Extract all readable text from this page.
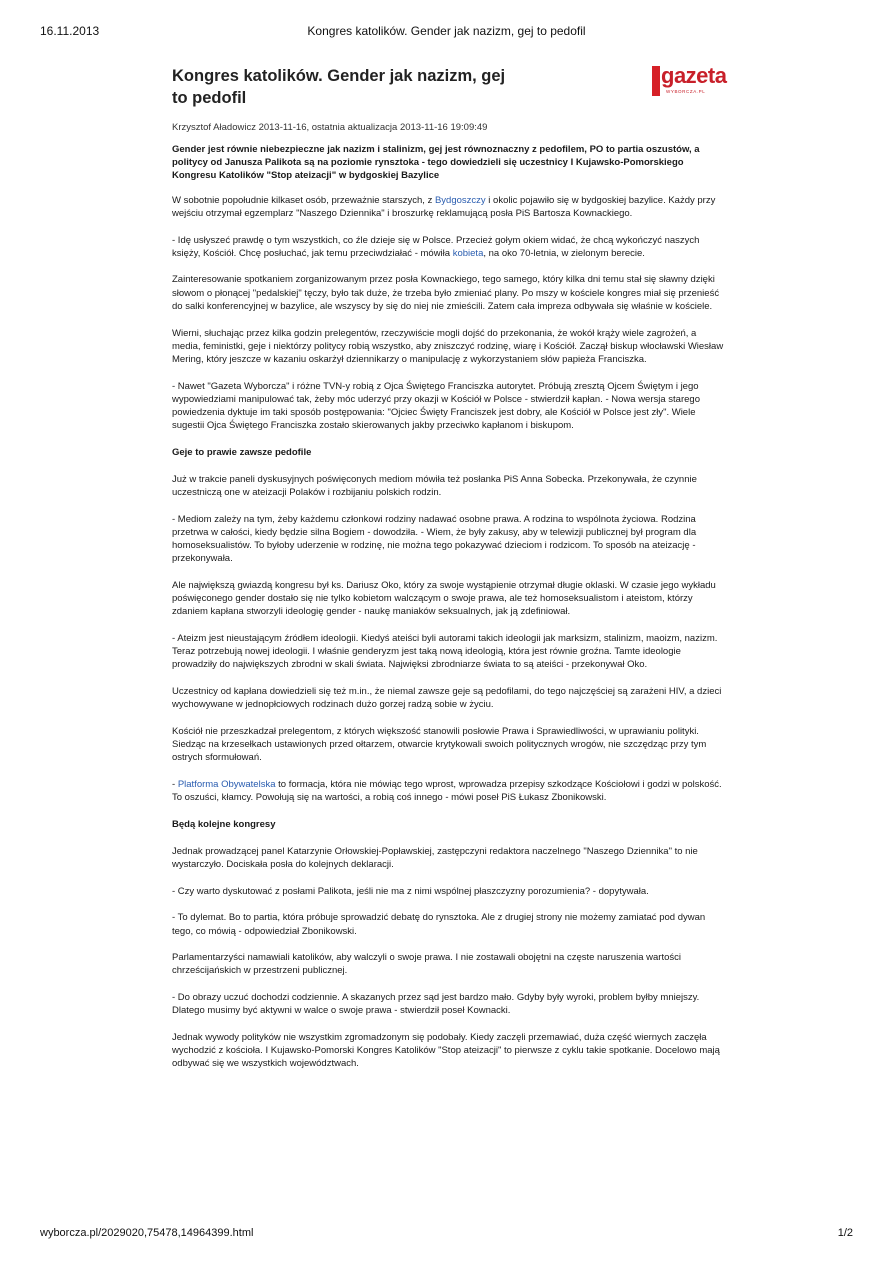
16.11.2013	Kongres katolików. Gender jak nazizm, gej to pedofil
Kongres katolików. Gender jak nazizm, gej to pedofil
gazeta
WYBORCZA.PL
Krzysztof Aładowicz 2013-11-16, ostatnia aktualizacja 2013-11-16 19:09:49
Gender jest równie niebezpieczne jak nazizm i stalinizm, gej jest równoznaczny z pedofilem, PO to partia oszustów, a politycy od Janusza Palikota są na poziomie rynsztoka - tego dowiedzieli się uczestnicy I Kujawsko-Pomorskiego Kongresu Katolików "Stop ateizacji" w bydgoskiej Bazylice

W sobotnie popołudnie kilkaset osób, przeważnie starszych, z Bydgoszczy i okolic pojawiło się w bydgoskiej bazylice. Każdy przy wejściu otrzymał egzemplarz "Naszego Dziennika" i broszurkę reklamującą posła PiS Bartosza Kownackiego.

- Idę usłyszeć prawdę o tym wszystkich, co źle dzieje się w Polsce. Przecież gołym okiem widać, że chcą wykończyć naszych księży, Kościół. Chcę posłuchać, jak temu przeciwdziałać - mówiła kobieta, na oko 70-letnia, w zielonym berecie.

Zainteresowanie spotkaniem zorganizowanym przez posła Kownackiego, tego samego, który kilka dni temu stał się sławny dzięki słowom o płonącej "pedalskiej" tęczy, było tak duże, że trzeba było zmieniać plany. Po mszy w kościele kongres miał się przenieść do salki konferencyjnej w bazylice, ale wszyscy by się do niej nie zmieścili. Zatem cała impreza odbywała się właśnie w kościele.

Wierni, słuchając przez kilka godzin prelegentów, rzeczywiście mogli dojść do przekonania, że wokół krąży wiele zagrożeń, a media, feministki, geje i niektórzy politycy robią wszystko, aby zniszczyć rodzinę, wiarę i Kościół. Zaczął biskup włocławski Wiesław Mering, który jeszcze w kazaniu oskarżył dziennikarzy o manipulację z wykorzystaniem słów papieża Franciszka.

- Nawet "Gazeta Wyborcza" i różne TVN-y robią z Ojca Świętego Franciszka autorytet. Próbują zresztą Ojcem Świętym i jego wypowiedziami manipulować tak, żeby móc uderzyć przy okazji w Kościół w Polsce - stwierdził kapłan. - Nowa wersja starego powiedzenia dyktuje im taki sposób postępowania: "Ojciec Święty Franciszek jest dobry, ale Kościół w Polsce jest zły". Wiele sugestii Ojca Świętego Franciszka zostało skierowanych jakby przeciwko kapłanom i biskupom.

Geje to prawie zawsze pedofile

Już w trakcie paneli dyskusyjnych poświęconych mediom mówiła też posłanka PiS Anna Sobecka. Przekonywała, że czynnie uczestniczą one w ateizacji Polaków i rozbijaniu polskich rodzin.

- Mediom zależy na tym, żeby każdemu członkowi rodziny nadawać osobne prawa. A rodzina to wspólnota życiowa. Rodzina przetrwa w całości, kiedy będzie silna Bogiem - dowodziła. - Wiem, że były zakusy, aby w telewizji publicznej był program dla homoseksualistów. To byłoby uderzenie w rodzinę, nie można tego pokazywać dzieciom i rodzicom. To sposób na ateizację - przekonywała.

Ale największą gwiazdą kongresu był ks. Dariusz Oko, który za swoje wystąpienie otrzymał długie oklaski. W czasie jego wykładu poświęconego gender dostało się nie tylko kobietom walczącym o swoje prawa, ale też homoseksualistom i ateistom, którzy zdaniem kapłana stworzyli ideologię gender - naukę maniaków seksualnych, jak ją zdefiniował.

- Ateizm jest nieustającym źródłem ideologii. Kiedyś ateiści byli autorami takich ideologii jak marksizm, stalinizm, maoizm, nazizm. Teraz potrzebują nowej ideologii. I właśnie genderyzm jest taką nową ideologią, która jest równie groźna. Tamte ideologie prowadziły do największych zbrodni w skali świata. Najwięksi zbrodniarze świata to są ateiści - przekonywał Oko.

Uczestnicy od kapłana dowiedzieli się też m.in., że niemal zawsze geje są pedofilami, do tego najczęściej są zarażeni HIV, a dzieci wychowywane w jednopłciowych rodzinach dużo gorzej radzą sobie w życiu.

Kościół nie przeszkadzał prelegentom, z których większość stanowili posłowie Prawa i Sprawiedliwości, w uprawianiu polityki. Siedząc na krzesełkach ustawionych przed ołtarzem, otwarcie krytykowali swoich politycznych wrogów, nie szczędząc przy tym ostrych sformułowań.

- Platforma Obywatelska to formacja, która nie mówiąc tego wprost, wprowadza przepisy szkodzące Kościołowi i godzi w polskość. To oszuści, kłamcy. Powołują się na wartości, a robią coś innego - mówi poseł PiS Łukasz Zbonikowski.

Będą kolejne kongresy

Jednak prowadzącej panel Katarzynie Orłowskiej-Popławskiej, zastępczyni redaktora naczelnego "Naszego Dziennika" to nie wystarczyło. Dociskała posła do kolejnych deklaracji.

- Czy warto dyskutować z posłami Palikota, jeśli nie ma z nimi wspólnej płaszczyzny porozumienia? - dopytywała.

- To dylemat. Bo to partia, która próbuje sprowadzić debatę do rynsztoka. Ale z drugiej strony nie możemy zamiatać pod dywan tego, co mówią - odpowiedział Zbonikowski.

Parlamentarzyści namawiali katolików, aby walczyli o swoje prawa. I nie zostawali obojętni na częste naruszenia wartości chrześcijańskich w przestrzeni publicznej.

- Do obrazy uczuć dochodzi codziennie. A skazanych przez sąd jest bardzo mało. Gdyby były wyroki, problem byłby mniejszy. Dlatego musimy być aktywni w walce o swoje prawa - stwierdził poseł Kownacki.

Jednak wywody polityków nie wszystkim zgromadzonym się podobały. Kiedy zaczęli przemawiać, duża część wiernych zaczęła wychodzić z kościoła. I Kujawsko-Pomorski Kongres Katolików "Stop ateizacji" to pierwsze z cyklu takie spotkanie. Docelowo mają odbywać się we wszystkich województwach.

wyborcza.pl/2029020,75478,14964399.html	1/2
